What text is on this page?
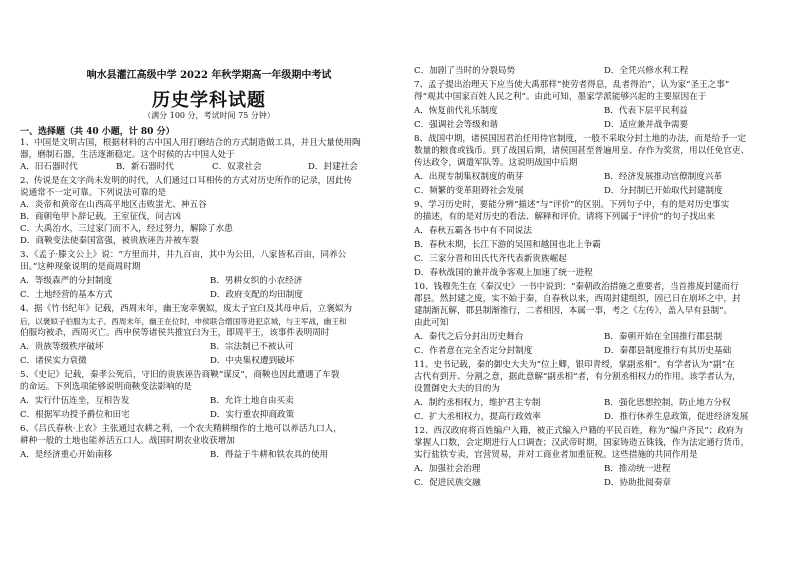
响水县灌江高级中学 2022 年秋学期高一年级期中考试
历史学科试题
（满分 100 分，考试时间 75 分钟）
一、选择题（共 40 小题，计 80 分）
1、中国是文明古国，根据材料的古中国人用打磨结合的方式制造做工具，并且大量使用陶
器，磨制石器，生活逐渐稳定。这个时候的古中国人处于
A．旧石器时代	B．新石器时代	C．奴隶社会	D．封建社会
2、传说是在文字尚未发明的时代，人们通过口耳相传的方式对历史所作的记录，因此传
说通常不一定可靠。下列说法可靠的是
A．炎帝和黄帝在山西高平地区击败蚩尤、神五谷
B．商朝龟甲卜辞记载，王室征伐，问吉凶
C．大禹治水，三过家门而不入，经过努力，解除了水患
D．商鞅变法使秦国富强，被贵族诬告并被车裂
3、《孟子·滕文公上》说：“方里而井，井九百亩，其中为公田，八家皆私百亩，同养公
田。”这种现象说明的是商周时期
A．等级森严的分封制度	B．男耕女织的小农经济
C．土地经营的基本方式	D．政府支配的均田制度
4、据《竹书纪年》记载，西周末年，幽王宠幸褒姒，废太子宜臼及其母申后，立褒姒为
后，以褒姒子伯服为太子。西周末年，幽王在位时，申侯联合缯国等进犯京城，与王军战，幽王和
伯服均被杀，西周灭亡。西申侯等诸侯共推宜臼为王，即周平王，该事件表明周时
A．贵族等级秩序破坏	B．宗法制已不被认可
C．诸侯实力衰微	D．中央集权遭到破坏
5、《史记》记载，秦孝公死后，守旧的贵族诬告商鞅“谋反”，商鞅也因此遭遇了车裂
的命运。下列选项能够说明商鞅变法影响的是
A．实行什伍连坐，互相告发	B．允许土地自由买卖
C．根据军功授予爵位和田宅	D．实行重农抑商政策
6、《吕氏春秋·上农》主张通过农耕之利，一个农夫精耕细作的土地可以养活九口人，
耕种一般的土地也能养活五口人。战国时期农业收获增加
A．是经济重心开始南移	B．得益于牛耕和铁农具的使用
C．加剧了当时的分裂局势	D．全凭兴修水利工程
7、孟子提出治理天下应当使大禹那样“使劳者得息，乱者得治”，认为家“圣王之事”
得“观其中国家百姓人民之利”。由此可知，墨家学派能够兴起的主要原因在于
A．恢复前代礼乐制度	B．代表下层平民利益
C．强调社会等级和谐	D．适应兼并战争需要
8、战国中期，诸侯国因君治任用侍官制度，一般不采取分封土地的办法，而是给予一定
数量的粮食或钱币。到了战国后期，诸侯国甚至普遍用皇、存作为奖赏，用以任免官吏、
传达政令，调遣军队等。这说明战国中后期
A．出现专制集权制度的萌芽	B．经济发展推动官僚制度兴革
C．频繁的变革阻碍社会发展	D．分封制已开始取代封建制度
9、学习历史时，要能分辨“描述”与“评价”的区别。下列句子中，有的是对历史事实
的描述，有的是对历史的看法、解释和评价。请将下列属于“评价”的句子找出来
A．春秋五霸各书中有不同说法
B．春秋末期，长江下游的吴国和越国也北上争霸
C．三家分晋和田氏代齐代表新贵族崛起
D．春秋战国的兼并战争客观上加速了统一进程
10、钱穆先生在《秦汉史》一书中说到：“秦朝政治措施之重要者，当首推废封建而行
郡县。然封建之废，实不始于秦，自春秋以来，西周封建组织，固已日在崩坏之中，封
建制渐瓦解，郡县制渐推行，二者相因，本属一事，考之《左传》，盖入早有县制”。
由此可知
A．秦代之后分封出历史舞台	B．秦朝开始在全国推行郡县制
C．作者意在完全否定分封制度	D．秦郡县制度推行有其历史基础
11、史书记载，秦的御史大夫为“位上卿，银印青绶，掌副丞相”。有学者认为“副”在
古代有到开、分割之意，据此意解“副丞相”者，有分割丞相权力的作用。该学者认为，
设置御史大夫的目的为
A．制约丞相权力，维护君主专制	B．强化思想控制，防止地方分权
C．扩大丞相权力，提高行政效率	D．推行休养生息政策，促进经济发展
12、西汉政府将百姓编户入籍，被正式编入户籍的平民百姓，称为“编户齐民”；政府为
掌握人口数，会定期进行人口调查；汉武帝时期，国家铸造五铢钱，作为法定通行货币，
实行盐铁专卖，官营贸易，并对工商业者加重征税。这些措施的共同作用是
A．加强社会治理	B．推动统一进程
C．促进民族交融	D．协助批阅奏章
